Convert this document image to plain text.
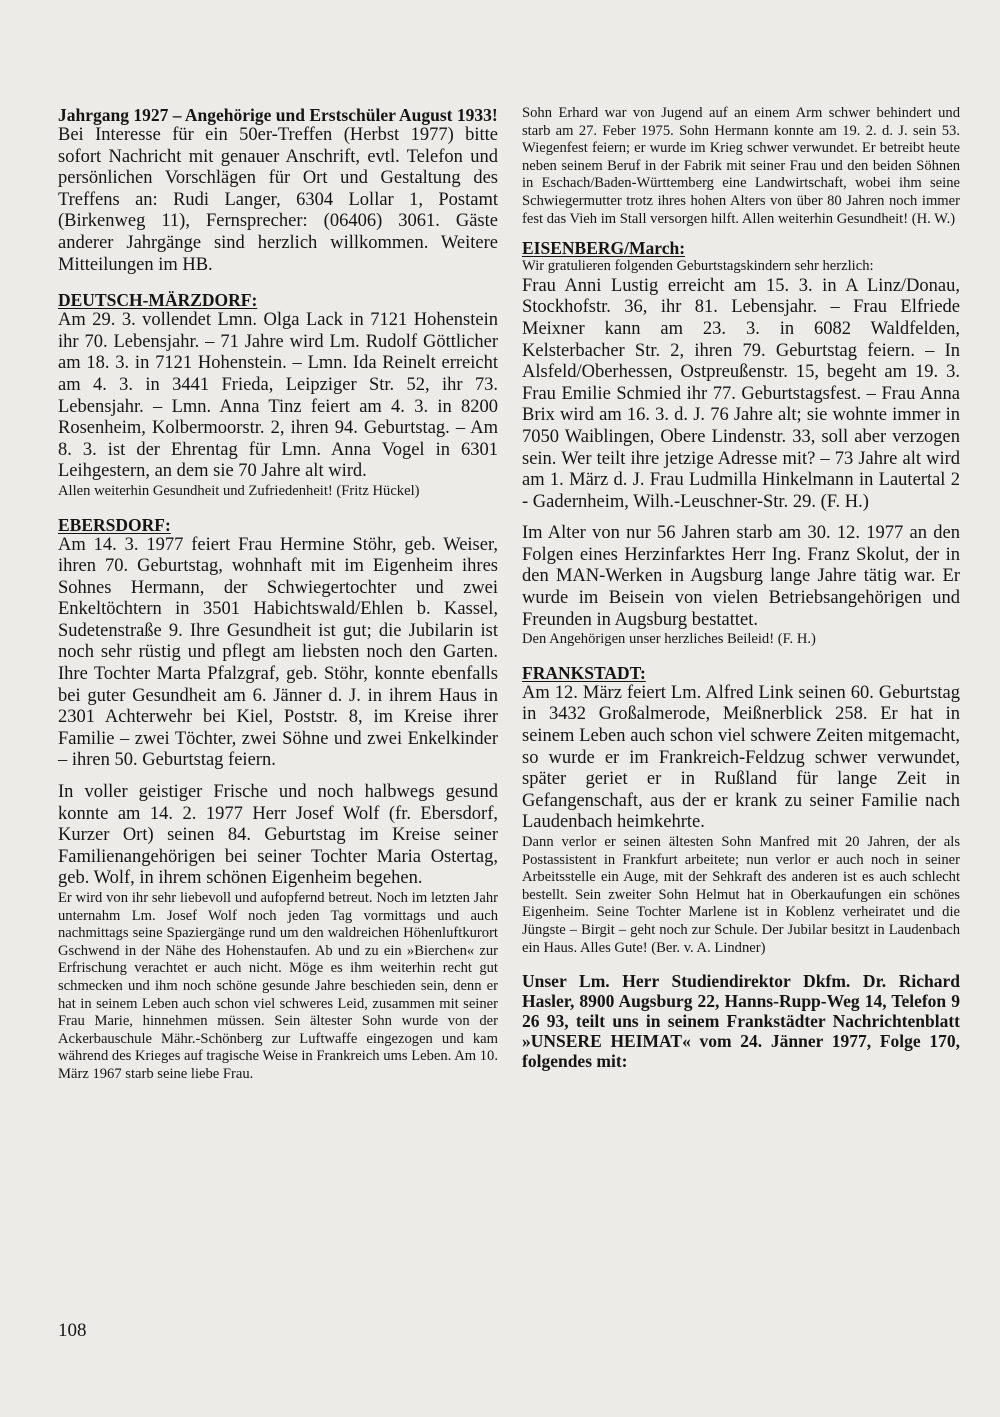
Jahrgang 1927 – Angehörige und Erstschüler August 1933!

Bei Interesse für ein 50er-Treffen (Herbst 1977) bitte sofort Nachricht mit genauer Anschrift, evtl. Telefon und persönlichen Vorschlägen für Ort und Gestaltung des Treffens an: Rudi Langer, 6304 Lollar 1, Postamt (Birkenweg 11), Fernsprecher: (06406) 3061. Gäste anderer Jahrgänge sind herzlich willkommen. Weitere Mitteilungen im HB.

DEUTSCH-MÄRZDORF:

Am 29. 3. vollendet Lmn. Olga Lack in 7121 Hohenstein ihr 70. Lebensjahr. – 71 Jahre wird Lm. Rudolf Göttlicher am 18. 3. in 7121 Hohenstein. – Lmn. Ida Reinelt erreicht am 4. 3. in 3441 Frieda, Leipziger Str. 52, ihr 73. Lebensjahr. – Lmn. Anna Tinz feiert am 4. 3. in 8200 Rosenheim, Kolbermoorstr. 2, ihren 94. Geburtstag. – Am 8. 3. ist der Ehrentag für Lmn. Anna Vogel in 6301 Leihgestern, an dem sie 70 Jahre alt wird.

Allen weiterhin Gesundheit und Zufriedenheit! (Fritz Hückel)

EBERSDORF:

Am 14. 3. 1977 feiert Frau Hermine Stöhr, geb. Weiser, ihren 70. Geburtstag, wohnhaft mit im Eigenheim ihres Sohnes Hermann, der Schwiegertochter und zwei Enkeltöchtern in 3501 Habichtswald/Ehlen b. Kassel, Sudetenstraße 9. Ihre Gesundheit ist gut; die Jubilarin ist noch sehr rüstig und pflegt am liebsten noch den Garten. Ihre Tochter Marta Pfalzgraf, geb. Stöhr, konnte ebenfalls bei guter Gesundheit am 6. Jänner d. J. in ihrem Haus in 2301 Achterwehr bei Kiel, Poststr. 8, im Kreise ihrer Familie – zwei Töchter, zwei Söhne und zwei Enkelkinder – ihren 50. Geburtstag feiern.

In voller geistiger Frische und noch halbwegs gesund konnte am 14. 2. 1977 Herr Josef Wolf (fr. Ebersdorf, Kurzer Ort) seinen 84. Geburtstag im Kreise seiner Familienangehörigen bei seiner Tochter Maria Ostertag, geb. Wolf, in ihrem schönen Eigenheim begehen.

Er wird von ihr sehr liebevoll und aufopfernd betreut. Noch im letzten Jahr unternahm Lm. Josef Wolf noch jeden Tag vormittags und auch nachmittags seine Spaziergänge rund um den waldreichen Höhenluftkurort Gschwend in der Nähe des Hohenstaufen. Ab und zu ein »Bierchen« zur Erfrischung verachtet er auch nicht. Möge es ihm weiterhin recht gut schmecken und ihm noch schöne gesunde Jahre beschieden sein, denn er hat in seinem Leben auch schon viel schweres Leid, zusammen mit seiner Frau Marie, hinnehmen müssen. Sein ältester Sohn wurde von der Ackerbauschule Mähr.-Schönberg zur Luftwaffe eingezogen und kam während des Krieges auf tragische Weise in Frankreich ums Leben. Am 10. März 1967 starb seine liebe Frau.

Sohn Erhard war von Jugend auf an einem Arm schwer behindert und starb am 27. Feber 1975. Sohn Hermann konnte am 19. 2. d. J. sein 53. Wiegenfest feiern; er wurde im Krieg schwer verwundet. Er betreibt heute neben seinem Beruf in der Fabrik mit seiner Frau und den beiden Söhnen in Eschach/Baden-Württemberg eine Landwirtschaft, wobei ihm seine Schwiegermutter trotz ihres hohen Alters von über 80 Jahren noch immer fest das Vieh im Stall versorgen hilft. Allen weiterhin Gesundheit! (H. W.)

EISENBERG/March:

Wir gratulieren folgenden Geburtstagskindern sehr herzlich:

Frau Anni Lustig erreicht am 15. 3. in A Linz/Donau, Stockhofstr. 36, ihr 81. Lebensjahr. – Frau Elfriede Meixner kann am 23. 3. in 6082 Waldfelden, Kelsterbacher Str. 2, ihren 79. Geburtstag feiern. – In Alsfeld/Oberhessen, Ostpreußenstr. 15, begeht am 19. 3. Frau Emilie Schmied ihr 77. Geburtstagsfest. – Frau Anna Brix wird am 16. 3. d. J. 76 Jahre alt; sie wohnte immer in 7050 Waiblingen, Obere Lindenstr. 33, soll aber verzogen sein. Wer teilt ihre jetzige Adresse mit? – 73 Jahre alt wird am 1. März d. J. Frau Ludmilla Hinkelmann in Lautertal 2 - Gadernheim, Wilh.-Leuschner-Str. 29. (F. H.)

Im Alter von nur 56 Jahren starb am 30. 12. 1977 an den Folgen eines Herzinfarktes Herr Ing. Franz Skolut, der in den MAN-Werken in Augsburg lange Jahre tätig war. Er wurde im Beisein von vielen Betriebsangehörigen und Freunden in Augsburg bestattet.

Den Angehörigen unser herzliches Beileid! (F. H.)

FRANKSTADT:

Am 12. März feiert Lm. Alfred Link seinen 60. Geburtstag in 3432 Großalmerode, Meißnerblick 258. Er hat in seinem Leben auch schon viel schwere Zeiten mitgemacht, so wurde er im Frankreich-Feldzug schwer verwundet, später geriet er in Rußland für lange Zeit in Gefangenschaft, aus der er krank zu seiner Familie nach Laudenbach heimkehrte.

Dann verlor er seinen ältesten Sohn Manfred mit 20 Jahren, der als Postassistent in Frankfurt arbeitete; nun verlor er auch noch in seiner Arbeitsstelle ein Auge, mit der Sehkraft des anderen ist es auch schlecht bestellt. Sein zweiter Sohn Helmut hat in Oberkaufungen ein schönes Eigenheim. Seine Tochter Marlene ist in Koblenz verheiratet und die Jüngste – Birgit – geht noch zur Schule. Der Jubilar besitzt in Laudenbach ein Haus. Alles Gute! (Ber. v. A. Lindner)

Unser Lm. Herr Studiendirektor Dkfm. Dr. Richard Hasler, 8900 Augsburg 22, Hanns-Rupp-Weg 14, Telefon 9 26 93, teilt uns in seinem Frankstädter Nachrichtenblatt »UNSERE HEIMAT« vom 24. Jänner 1977, Folge 170, folgendes mit:

108
